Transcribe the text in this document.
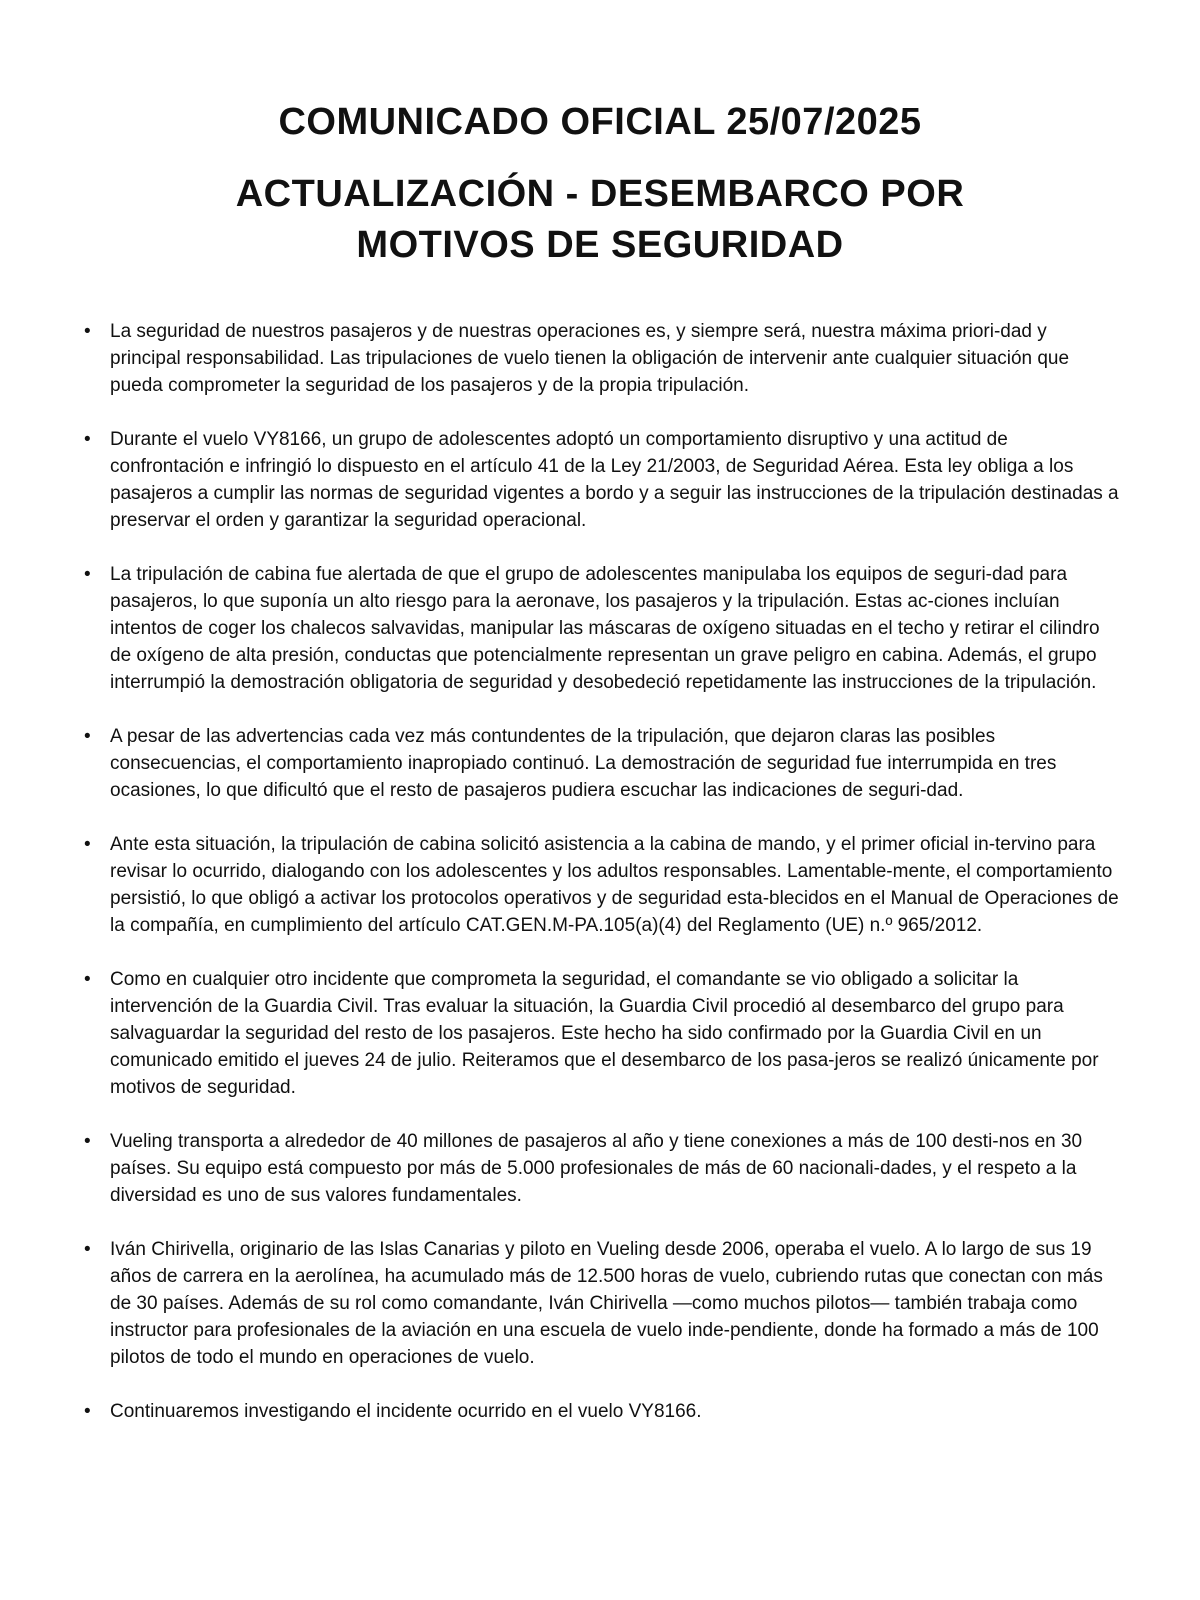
COMUNICADO OFICIAL 25/07/2025
ACTUALIZACIÓN - DESEMBARCO POR
MOTIVOS DE SEGURIDAD
• La seguridad de nuestros pasajeros y de nuestras operaciones es, y siempre será, nuestra máxima priori-dad y principal responsabilidad. Las tripulaciones de vuelo tienen la obligación de intervenir ante cualquier situación que pueda comprometer la seguridad de los pasajeros y de la propia tripulación.
• Durante el vuelo VY8166, un grupo de adolescentes adoptó un comportamiento disruptivo y una actitud de confrontación e infringió lo dispuesto en el artículo 41 de la Ley 21/2003, de Seguridad Aérea. Esta ley obliga a los pasajeros a cumplir las normas de seguridad vigentes a bordo y a seguir las instrucciones de la tripulación destinadas a preservar el orden y garantizar la seguridad operacional.
• La tripulación de cabina fue alertada de que el grupo de adolescentes manipulaba los equipos de seguri-dad para pasajeros, lo que suponía un alto riesgo para la aeronave, los pasajeros y la tripulación. Estas ac-ciones incluían intentos de coger los chalecos salvavidas, manipular las máscaras de oxígeno situadas en el techo y retirar el cilindro de oxígeno de alta presión, conductas que potencialmente representan un grave peligro en cabina. Además, el grupo interrumpió la demostración obligatoria de seguridad y desobedeció repetidamente las instrucciones de la tripulación.
• A pesar de las advertencias cada vez más contundentes de la tripulación, que dejaron claras las posibles consecuencias, el comportamiento inapropiado continuó. La demostración de seguridad fue interrumpida en tres ocasiones, lo que dificultó que el resto de pasajeros pudiera escuchar las indicaciones de seguri-dad.
• Ante esta situación, la tripulación de cabina solicitó asistencia a la cabina de mando, y el primer oficial in-tervino para revisar lo ocurrido, dialogando con los adolescentes y los adultos responsables. Lamentable-mente, el comportamiento persistió, lo que obligó a activar los protocolos operativos y de seguridad esta-blecidos en el Manual de Operaciones de la compañía, en cumplimiento del artículo CAT.GEN.M-PA.105(a)(4) del Reglamento (UE) n.º 965/2012.
• Como en cualquier otro incidente que comprometa la seguridad, el comandante se vio obligado a solicitar la intervención de la Guardia Civil. Tras evaluar la situación, la Guardia Civil procedió al desembarco del grupo para salvaguardar la seguridad del resto de los pasajeros. Este hecho ha sido confirmado por la Guardia Civil en un comunicado emitido el jueves 24 de julio. Reiteramos que el desembarco de los pasa-jeros se realizó únicamente por motivos de seguridad.
• Vueling transporta a alrededor de 40 millones de pasajeros al año y tiene conexiones a más de 100 desti-nos en 30 países. Su equipo está compuesto por más de 5.000 profesionales de más de 60 nacionali-dades, y el respeto a la diversidad es uno de sus valores fundamentales.
• Iván Chirivella, originario de las Islas Canarias y piloto en Vueling desde 2006, operaba el vuelo. A lo largo de sus 19 años de carrera en la aerolínea, ha acumulado más de 12.500 horas de vuelo, cubriendo rutas que conectan con más de 30 países. Además de su rol como comandante, Iván Chirivella —como muchos pilotos— también trabaja como instructor para profesionales de la aviación en una escuela de vuelo inde-pendiente, donde ha formado a más de 100 pilotos de todo el mundo en operaciones de vuelo.
• Continuaremos investigando el incidente ocurrido en el vuelo VY8166.
